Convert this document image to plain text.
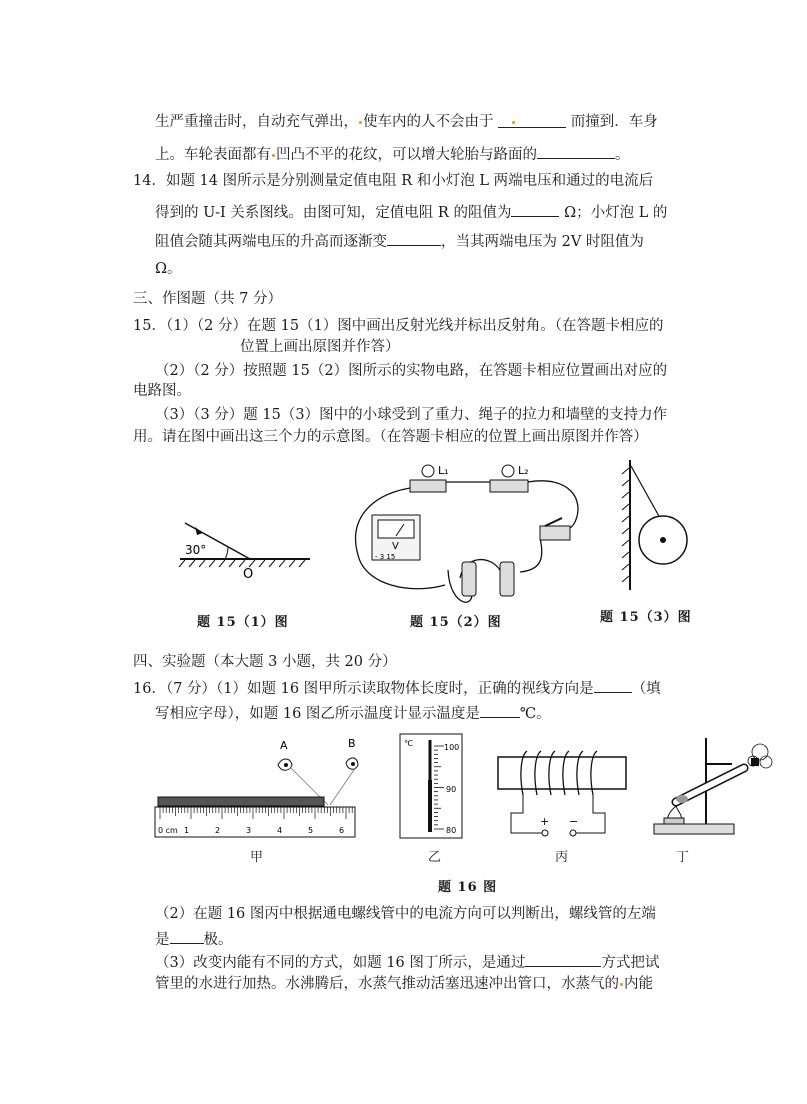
生严重撞击时，自动充气弹出， 使车内的人不会由于	而撞到．车身
上。车轮表面都有 凹凸不平的花纹，可以增大轮胎与路面的	。
14．如题 14 图所示是分别测量定值电阻 R 和小灯泡 L 两端电压和通过的电流后
得到的 U-I 关系图线。由图可知，定值电阻 R 的阻值为	Ω；小灯泡 L 的
阻值会随其两端电压的升高而逐渐变	，当其两端电压为 2V 时阻值为
Ω。
三、作图题（共 7 分）
15．（1）（2 分）在题 15（1）图中画出反射光线并标出反射角。（在答题卡相应的
位置上画出原图并作答）
（2）（2 分）按照题 15（2）图所示的实物电路，在答题卡相应位置画出对应的
电路图。
（3）（3 分）题 15（3）图中的小球受到了重力、绳子的拉力和墙壁的支持力作
用。请在图中画出这三个力的示意图。（在答题卡相应的位置上画出原图并作答）
30°
O
题 15（1）图
L₁	L₂
V
- 3 15
题 15（2）图	题 15（3）图
四、实验题（本大题 3 小题，共 20 分）
16．（7 分）（1）如题 16 图甲所示读取物体长度时，正确的视线方向是	（填
写相应字母），如题 16 图乙所示温度计显示温度是	℃。
A	B
0 cm 1	2	3	4	5	6
甲
℃	100
90
80
乙
+ −
丙	丁
题 16 图
（2）在题 16 图丙中根据通电螺线管中的电流方向可以判断出，螺线管的左端
是 极。
（3）改变内能有不同的方式，如题 16 图丁所示，是通过	方式把试
管里的水进行加热。水沸腾后，水蒸气推动活塞迅速冲出管口，水蒸气的 内能
